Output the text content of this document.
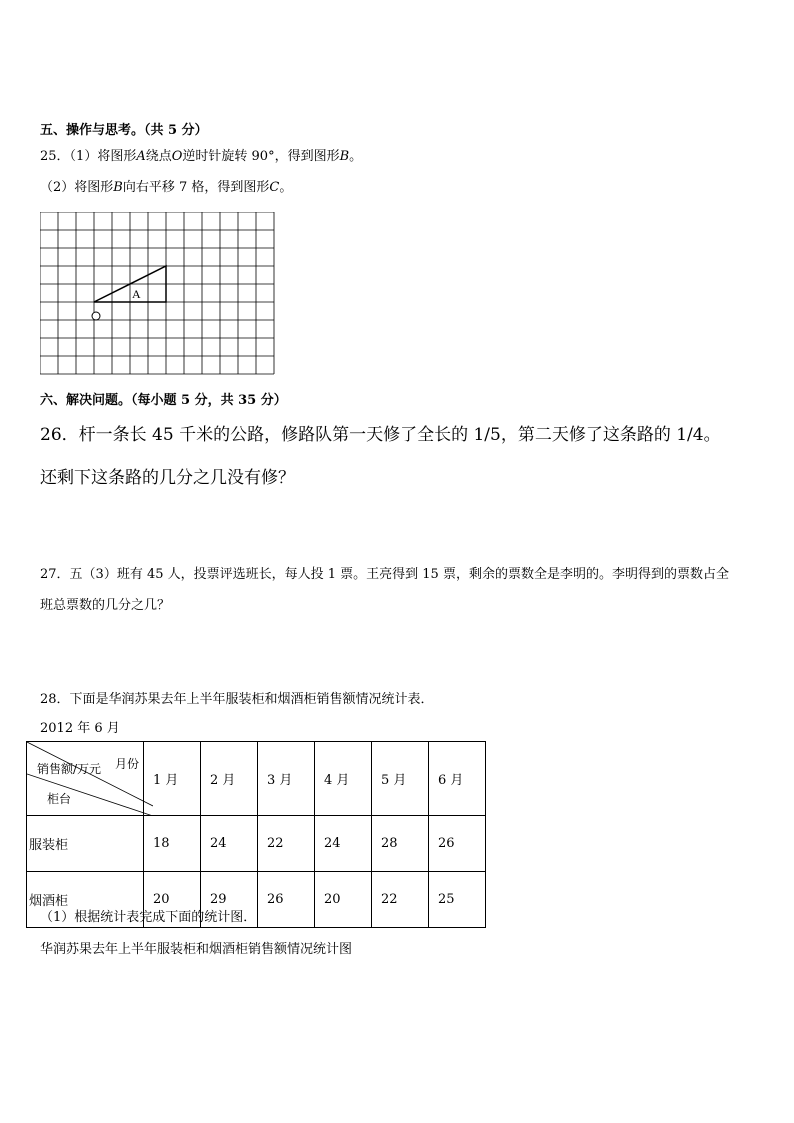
五、操作与思考。（共 5 分）
25．（1）将图形A绕点O逆时针旋转 90°，得到图形B。
（2）将图形B向右平移 7 格，得到图形C。
A
六、解决问题。（每小题 5 分，共 35 分）
26．杆一条长 45 千米的公路，修路队第一天修了全长的 1/5，第二天修了这条路的 1/4。
还剩下这条路的几分之几没有修？
27．五（3）班有 45 人，投票评选班长，每人投 1 票。王亮得到 15 票，剩余的票数全是李明的。李明得到的票数占全
班总票数的几分之几？
28．下面是华润苏果去年上半年服装柜和烟酒柜销售额情况统计表．
2012 年 6 月
月份
销售额/万元
柜台	1 月	2 月	3 月	4 月	5 月	6 月
服装柜	18	24	22	24	28	26
烟酒柜	20	29	26	20	22	25
（1）根据统计表完成下面的统计图．
华润苏果去年上半年服装柜和烟酒柜销售额情况统计图
